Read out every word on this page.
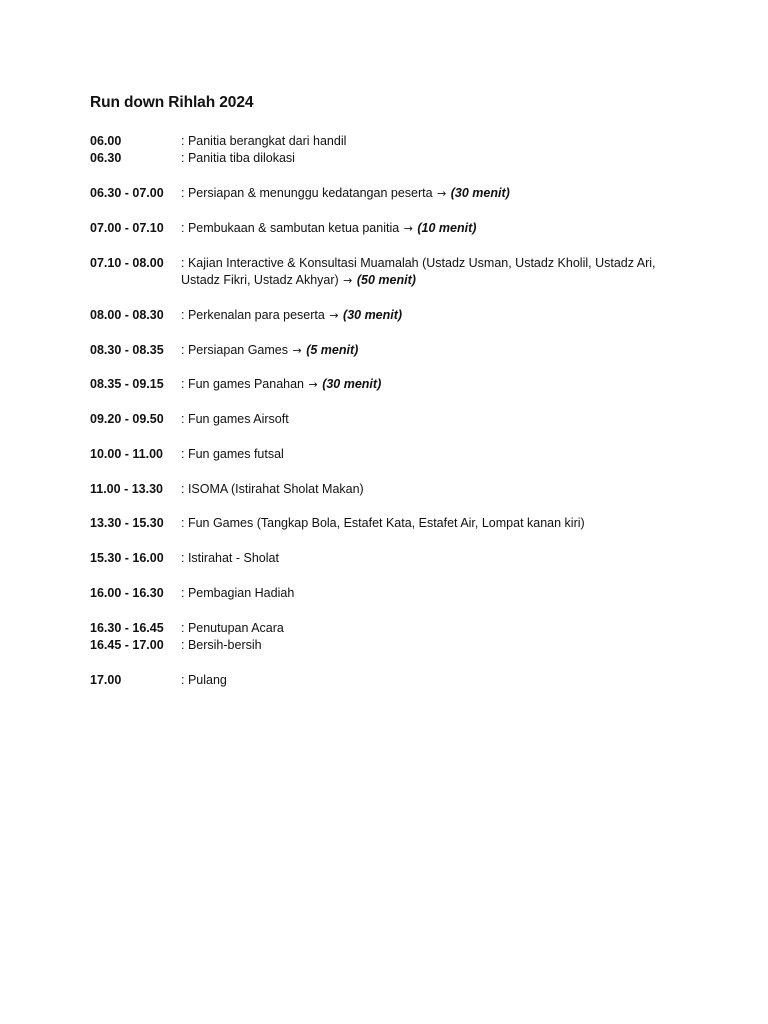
Run down Rihlah 2024
06.00	: Panitia berangkat dari handil
06.30	: Panitia tiba dilokasi
06.30 - 07.00	: Persiapan & menunggu kedatangan peserta → (30 menit)
07.00 - 07.10	: Pembukaan & sambutan ketua panitia → (10 menit)
07.10 - 08.00	: Kajian Interactive & Konsultasi Muamalah (Ustadz Usman, Ustadz Kholil, Ustadz Ari,
Ustadz Fikri, Ustadz Akhyar) → (50 menit)
08.00 - 08.30	: Perkenalan para peserta → (30 menit)
08.30 - 08.35	: Persiapan Games → (5 menit)
08.35 - 09.15	: Fun games Panahan → (30 menit)
09.20 - 09.50	: Fun games Airsoft
10.00 - 11.00	: Fun games futsal
11.00 - 13.30	: ISOMA (Istirahat Sholat Makan)
13.30 - 15.30	: Fun Games (Tangkap Bola, Estafet Kata, Estafet Air, Lompat kanan kiri)
15.30 - 16.00	: Istirahat - Sholat
16.00 - 16.30	: Pembagian Hadiah
16.30 - 16.45	: Penutupan Acara
16.45 - 17.00	: Bersih-bersih
17.00	: Pulang
